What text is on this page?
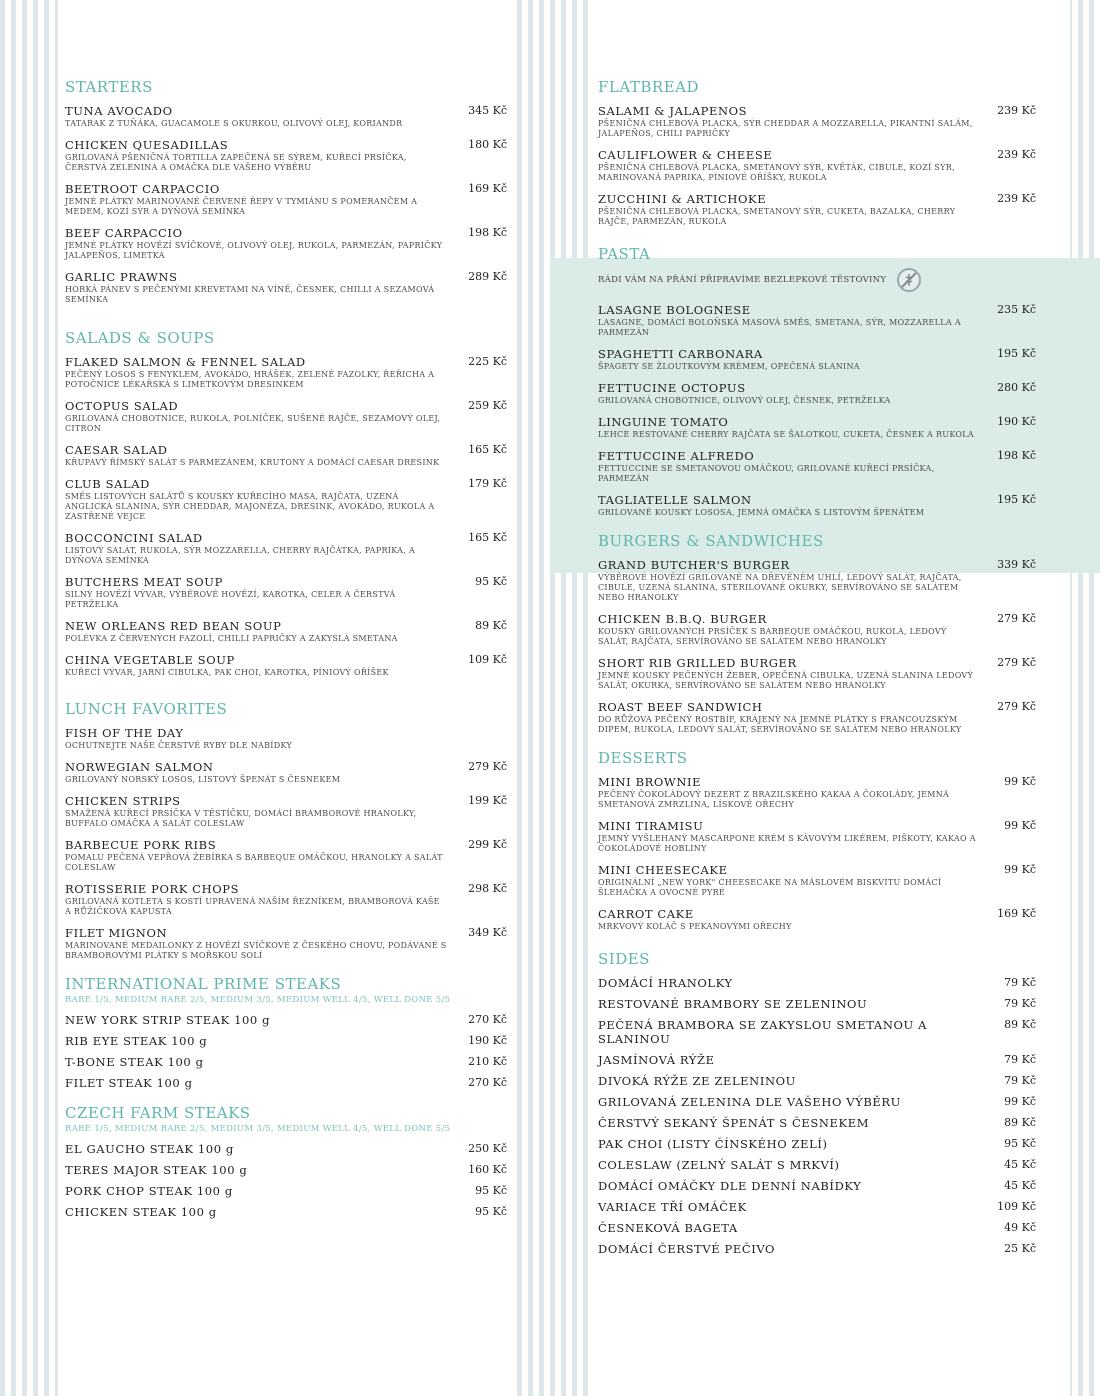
STARTERS
TUNA AVOCADO
TATARAK Z TUŇÁKA, GUACAMOLE S OKURKOU, OLIVOVÝ OLEJ, KORIANDR
345 Kč
CHICKEN QUESADILLAS
GRILOVANÁ PŠENIČNÁ TORTILLA ZAPEČENÁ SE SÝREM, KUŘECÍ PRSÍČKA, ČERSTVÁ ZELENINA A OMÁČKA DLE VAŠEHO VÝBĚRU
180 Kč
BEETROOT CARPACCIO
JEMNÉ PLÁTKY MARINOVANÉ ČERVENÉ ŘEPY V TYMIÁNU S POMERANČEM A MEDEM, KOZÍ SÝR A DÝŇOVÁ SEMÍNKA
169 Kč
BEEF CARPACCIO
JEMNÉ PLÁTKY HOVĚZÍ SVÍČKOVÉ, OLIVOVÝ OLEJ, RUKOLA, PARMEZÁN, PAPRIČKY JALAPEÑOS, LIMETKA
198 Kč
GARLIC PRAWNS
HORKÁ PÁNEV S PEČENÝMI KREVETAMI NA VÍNĚ, ČESNEK, CHILLI A SEZAMOVÁ SEMÍNKA
289 Kč
SALADS & SOUPS
FLAKED SALMON & FENNEL SALAD
PEČENÝ LOSOS S FENYKLEM, AVOKÁDO, HRÁŠEK, ZELENÉ FAZOLKY, ŘEŘICHA A POTOČNICE LÉKAŘSKÁ S LIMETKOVÝM DRESINKEM
225 Kč
OCTOPUS SALAD
GRILOVANÁ CHOBOTNICE, RUKOLA, POLNÍČEK, SUŠENÉ RAJČE, SEZAMOVÝ OLEJ, CITRON
259 Kč
CAESAR SALAD
KŘUPAVÝ ŘÍMSKÝ SALÁT S PARMEZÁNEM, KRUTONY A DOMÁCÍ CAESAR DRESINK
165 Kč
CLUB SALAD
SMĚS LISTOVÝCH SALÁTŮ S KOUSKY KUŘECÍHO MASA, RAJČATA, UZENÁ ANGLICKÁ SLANINA, SÝR CHEDDAR, MAJONÉZA, DRESINK, AVOKÁDO, RUKOLA A ZASTŘENÉ VEJCE
179 Kč
BOCCONCINI SALAD
LISTOVÝ SALÁT, RUKOLA, SÝR MOZZARELLA, CHERRY RAJČÁTKA, PAPRIKA, A DÝŇOVÁ SEMÍNKA
165 Kč
BUTCHERS MEAT SOUP
SILNÝ HOVĚZÍ VÝVAR, VÝBĚROVÉ HOVĚZÍ, KAROTKA, CELER A ČERSTVÁ PETRŽELKA
95 Kč
NEW ORLEANS RED BEAN SOUP
POLÉVKA Z ČERVENÝCH FAZOLÍ, CHILLI PAPRIČKY A ZAKYSLÁ SMETANA
89 Kč
CHINA VEGETABLE SOUP
KUŘECÍ VÝVAR, JARNÍ CIBULKA, PAK CHOI, KAROTKA, PÍNIOVÝ OŘÍŠEK
109 Kč
LUNCH FAVORITES
FISH OF THE DAY
OCHUTNEJTE NAŠE ČERSTVÉ RYBY DLE NABÍDKY
NORWEGIAN SALMON
GRILOVANÝ NORSKÝ LOSOS, LISTOVÝ ŠPENÁT S ČESNEKEM
279 Kč
CHICKEN STRIPS
SMAŽENÁ KUŘECÍ PRSÍČKA V TĚSTÍČKU, DOMÁCÍ BRAMBOROVÉ HRANOLKY, BUFFALO OMÁČKA A SALÁT COLESLAW
199 Kč
BARBECUE PORK RIBS
POMALU PEČENÁ VEPŘOVÁ ŽEBÍRKA S BARBEQUE OMÁČKOU, HRANOLKY A SALÁT COLESLAW
299 Kč
ROTISSERIE PORK CHOPS
GRILOVANÁ KOTLETA S KOSTÍ UPRAVENÁ NAŠÍM ŘEZNÍKEM, BRAMBOROVÁ KAŠE A RŮŽIČKOVÁ KAPUSTA
298 Kč
FILET MIGNON
MARINOVANÉ MEDAILONKY Z HOVĚZÍ SVÍČKOVÉ Z ČESKÉHO CHOVU, PODÁVANÉ S BRAMBOROVÝMI PLÁTKY S MOŘSKOU SOLÍ
349 Kč
INTERNATIONAL PRIME STEAKS
RARE 1/5, MEDIUM RARE 2/5, MEDIUM 3/5, MEDIUM WELL 4/5, WELL DONE 5/5
NEW YORK STRIP STEAK 100 g	270 Kč
RIB EYE STEAK 100 g	190 Kč
T-BONE STEAK 100 g	210 Kč
FILET STEAK 100 g	270 Kč
CZECH FARM STEAKS
RARE 1/5, MEDIUM RARE 2/5, MEDIUM 3/5, MEDIUM WELL 4/5, WELL DONE 5/5
EL GAUCHO STEAK 100 g	250 Kč
TERES MAJOR STEAK 100 g	160 Kč
PORK CHOP STEAK 100 g	95 Kč
CHICKEN STEAK 100 g	95 Kč
FLATBREAD
SALAMI & JALAPENOS
PŠENIČNÁ CHLEBOVÁ PLACKA, SÝR CHEDDAR A MOZZARELLA, PIKANTNÍ SALÁM, JALAPEÑOS, CHILI PAPRIČKY
239 Kč
CAULIFLOWER & CHEESE
PŠENIČNÁ CHLEBOVÁ PLACKA, SMETANOVÝ SÝR, KVĚTÁK, CIBULE, KOZÍ SÝR, MARINOVANÁ PAPRIKA, PÍNIOVÉ OŘÍŠKY, RUKOLA
239 Kč
ZUCCHINI & ARTICHOKE
PŠENIČNÁ CHLEBOVÁ PLACKA, SMETANOVÝ SÝR, CUKETA, BAZALKA, CHERRY RAJČE, PARMEZÁN, RUKOLA
239 Kč
PASTA
RÁDI VÁM NA PŘÁNÍ PŘIPRAVÍME BEZLEPKOVÉ TĚSTOVINY
LASAGNE BOLOGNESE
LASAGNE, DOMÁCÍ BOLOŇSKÁ MASOVÁ SMĚS, SMETANA, SÝR, MOZZARELLA A PARMEZÁN
235 Kč
SPAGHETTI CARBONARA
ŠPAGETY SE ŽLOUTKOVÝM KRÉMEM, OPEČENÁ SLANINA
195 Kč
FETTUCINE OCTOPUS
GRILOVANÁ CHOBOTNICE, OLIVOVÝ OLEJ, ČESNEK, PETRŽELKA
280 Kč
LINGUINE TOMATO
LEHCE RESTOVANÉ CHERRY RAJČATA SE ŠALOTKOU, CUKETA, ČESNEK A RUKOLA
190 Kč
FETTUCCINE ALFREDO
FETTUCCINE SE SMETANOVOU OMÁČKOU, GRILOVANÉ KUŘECÍ PRSÍČKA, PARMEZÁN
198 Kč
TAGLIATELLE SALMON
GRILOVANÉ KOUSKY LOSOSA, JEMNÁ OMÁČKA S LISTOVÝM ŠPENÁTEM
195 Kč
BURGERS & SANDWICHES
GRAND BUTCHER'S BURGER
VÝBĚROVÉ HOVĚZÍ GRILOVANÉ NA DŘEVĚNÉM UHLÍ, LEDOVÝ SALÁT, RAJČATA, CIBULE, UZENÁ SLANINA, STERILOVANÉ OKURKY, SERVÍROVÁNO SE SALÁTEM NEBO HRANOLKY
339 Kč
CHICKEN B.B.Q. BURGER
KOUSKY GRILOVANÝCH PRSÍČEK S BARBEQUE OMÁČKOU, RUKOLA, LEDOVÝ SALÁT, RAJČATA, SERVÍROVÁNO SE SALÁTEM NEBO HRANOLKY
279 Kč
SHORT RIB GRILLED BURGER
JEMNÉ KOUSKY PEČENÝCH ŽEBER, OPEČENÁ CIBULKA, UZENÁ SLANINA LEDOVÝ SALÁT, OKURKA, SERVÍROVÁNO SE SALÁTEM NEBO HRANOLKY
279 Kč
ROAST BEEF SANDWICH
DO RŮŽOVA PEČENÝ ROSTBÍF, KRÁJENÝ NA JEMNÉ PLÁTKY S FRANCOUZSKÝM DIPEM, RUKOLA, LEDOVÝ SALÁT, SERVÍROVÁNO SE SALÁTEM NEBO HRANOLKY
279 Kč
DESSERTS
MINI BROWNIE
PEČENÝ ČOKOLÁDOVÝ DEZERT Z BRAZILSKÉHO KAKAA A ČOKOLÁDY, JEMNÁ SMETANOVÁ ZMRZLINA, LÍSKOVÉ OŘECHY
99 Kč
MINI TIRAMISU
JEMNÝ VYŠLEHANÝ MASCARPONE KRÉM S KÁVOVÝM LIKÉREM, PIŠKOTY, KAKAO A ČOKOLÁDOVÉ HOBLINY
99 Kč
MINI CHEESECAKE
ORIGINÁLNÍ „NEW YORK" CHEESECAKE NA MÁSLOVÉM BISKVITU DOMÁCÍ ŠLEHAČKA A OVOCNÉ PYRÉ
99 Kč
CARROT CAKE
MRKVOVÝ KOLÁČ S PEKANOVÝMI OŘECHY
169 Kč
SIDES
DOMÁCÍ HRANOLKY	79 Kč
RESTOVANÉ BRAMBORY SE ZELENINOU	79 Kč
PEČENÁ BRAMBORA SE ZAKYSLOU SMETANOU A SLANINOU
89 Kč
JASMÍNOVÁ RÝŽE	79 Kč
DIVOKÁ RÝŽE ZE ZELENINOU	79 Kč
GRILOVANÁ ZELENINA DLE VAŠEHO VÝBĚRU	99 Kč
ČERSTVÝ SEKANÝ ŠPENÁT S ČESNEKEM	89 Kč
PAK CHOI (LISTY ČÍNSKÉHO ZELÍ)	95 Kč
COLESLAW (ZELNÝ SALÁT S MRKVÍ)	45 Kč
DOMÁCÍ OMÁČKY DLE DENNÍ NABÍDKY	45 Kč
VARIACE TŘÍ OMÁČEK	109 Kč
ČESNEKOVÁ BAGETA	49 Kč
DOMÁCÍ ČERSTVÉ PEČIVO	25 Kč
